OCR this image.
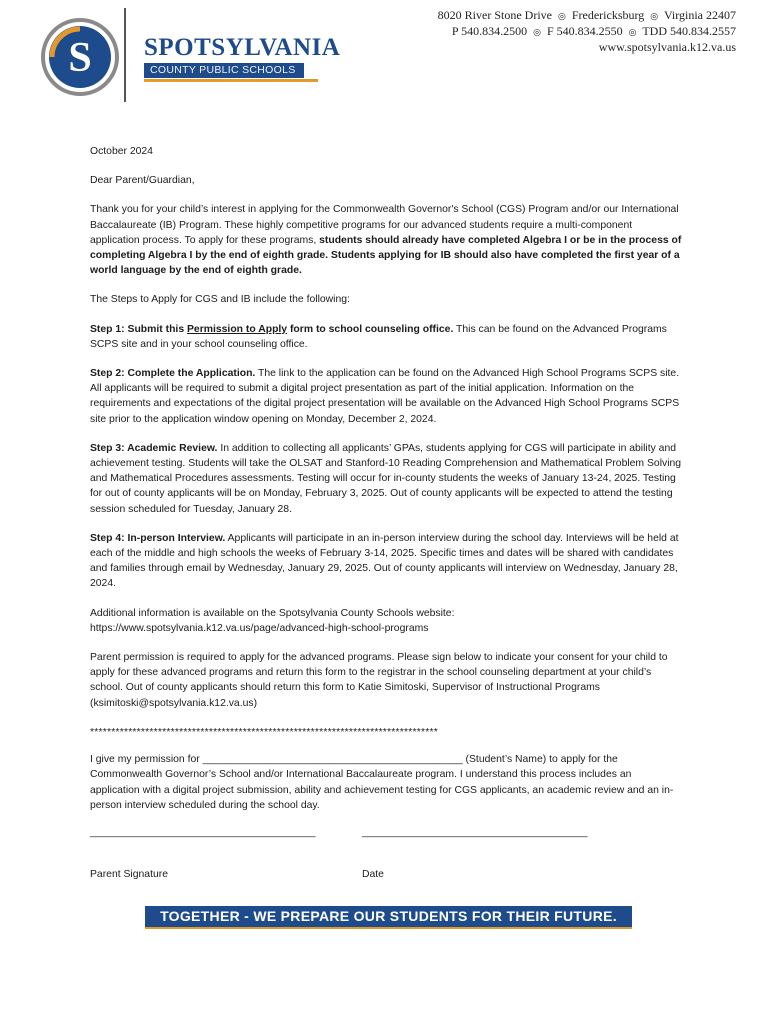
S SPOTSYLVANIA
COUNTY PUBLIC SCHOOLS
8020 River Stone Drive ◎ Fredericksburg ◎ Virginia 22407
P 540.834.2500 ◎ F 540.834.2550 ◎ TDD 540.834.2557
www.spotsylvania.k12.va.us

October 2024

Dear Parent/Guardian,

Thank you for your child’s interest in applying for the Commonwealth Governor's School (CGS) Program and/or our International Baccalaureate (IB) Program. These highly competitive programs for our advanced students require a multi-component application process. To apply for these programs, students should already have completed Algebra I or be in the process of completing Algebra I by the end of eighth grade. Students applying for IB should also have completed the first year of a world language by the end of eighth grade.

The Steps to Apply for CGS and IB include the following:

Step 1: Submit this Permission to Apply form to school counseling office. This can be found on the Advanced Programs SCPS site and in your school counseling office.

Step 2: Complete the Application. The link to the application can be found on the Advanced High School Programs SCPS site. All applicants will be required to submit a digital project presentation as part of the initial application. Information on the requirements and expectations of the digital project presentation will be available on the Advanced High School Programs SCPS site prior to the application window opening on Monday, December 2, 2024.

Step 3: Academic Review. In addition to collecting all applicants’ GPAs, students applying for CGS will participate in ability and achievement testing. Students will take the OLSAT and Stanford-10 Reading Comprehension and Mathematical Problem Solving and Mathematical Procedures assessments. Testing will occur for in-county students the weeks of January 13-24, 2025. Testing for out of county applicants will be on Monday, February 3, 2025. Out of county applicants will be expected to attend the testing session scheduled for Tuesday, January 28.

Step 4: In-person Interview. Applicants will participate in an in-person interview during the school day. Interviews will be held at each of the middle and high schools the weeks of February 3-14, 2025. Specific times and dates will be shared with candidates and families through email by Wednesday, January 29, 2025. Out of county applicants will interview on Wednesday, January 28, 2024.

Additional information is available on the Spotsylvania County Schools website:
https://www.spotsylvania.k12.va.us/page/advanced-high-school-programs

Parent permission is required to apply for the advanced programs. Please sign below to indicate your consent for your child to apply for these advanced programs and return this form to the registrar in the school counseling department at your child’s school. Out of county applicants should return this form to Katie Simitoski, Supervisor of Instructional Programs (ksimitoski@spotsylvania.k12.va.us)

**********************************************************************************

I give my permission for _____________________________________________ (Student’s Name) to apply for the Commonwealth Governor’s School and/or International Baccalaureate program. I understand this process includes an application with a digital project submission, ability and achievement testing for CGS applicants, an academic review and an in-person interview scheduled during the school day.

_______________________________________	_______________________________________
Parent Signature	Date
TOGETHER - WE PREPARE OUR STUDENTS FOR THEIR FUTURE.
